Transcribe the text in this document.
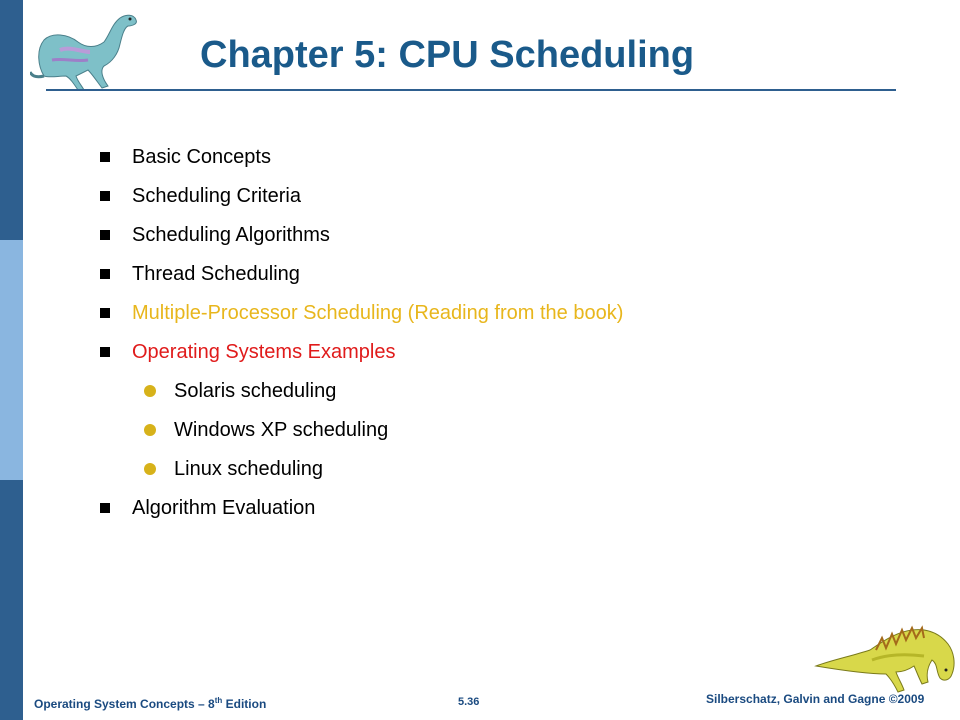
Chapter 5: CPU Scheduling
Basic Concepts
Scheduling Criteria
Scheduling Algorithms
Thread Scheduling
Multiple-Processor Scheduling (Reading from the book)
Operating Systems Examples
Solaris scheduling
Windows XP scheduling
Linux scheduling
Algorithm Evaluation
Operating System Concepts – 8th Edition	5.36	Silberschatz, Galvin and Gagne ©2009
